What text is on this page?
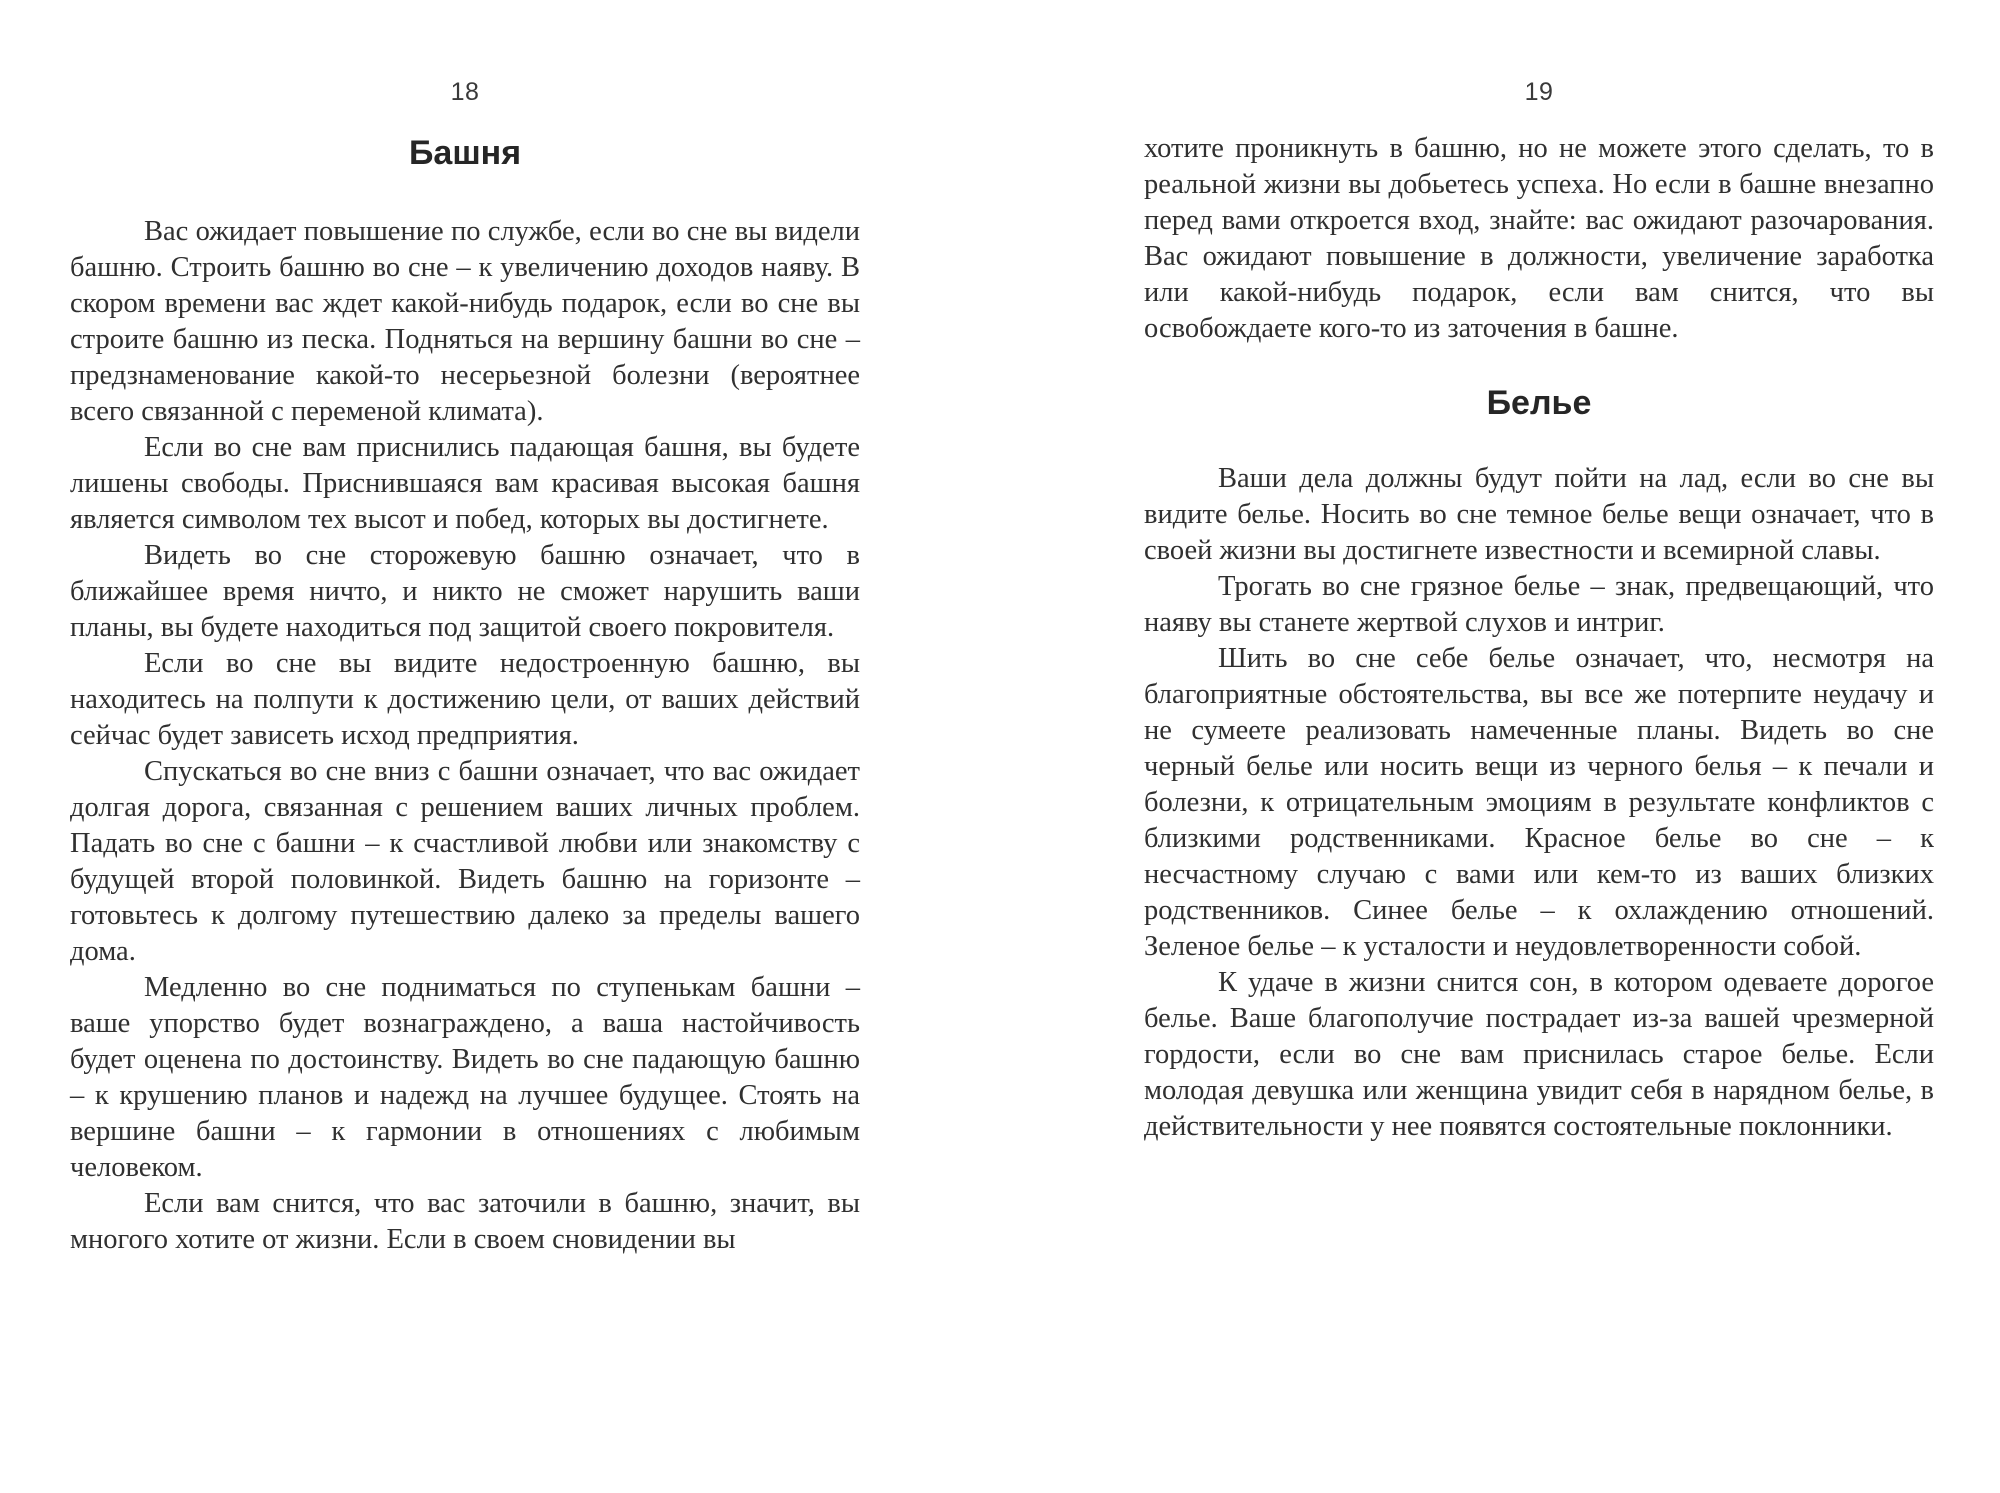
18
Башня

Вас ожидает повышение по службе, если во сне вы видели башню. Строить башню во сне – к увеличению доходов наяву. В скором времени вас ждет какой-нибудь подарок, если во сне вы строите башню из песка. Подняться на вершину башни во сне – предзнаменование какой-то несерьезной болезни (вероятнее всего связанной с переменой климата).

Если во сне вам приснились падающая башня, вы будете лишены свободы. Приснившаяся вам красивая высокая башня является символом тех высот и побед, которых вы достигнете.

Видеть во сне сторожевую башню означает, что в ближайшее время ничто, и никто не сможет нарушить ваши планы, вы будете находиться под защитой своего покровителя.

Если во сне вы видите недостроенную башню, вы находитесь на полпути к достижению цели, от ваших действий сейчас будет зависеть исход предприятия.

Спускаться во сне вниз с башни означает, что вас ожидает долгая дорога, связанная с решением ваших личных проблем. Падать во сне с башни – к счастливой любви или знакомству с будущей второй половинкой. Видеть башню на горизонте – готовьтесь к долгому путешествию далеко за пределы вашего дома.

Медленно во сне подниматься по ступенькам башни – ваше упорство будет вознаграждено, а ваша настойчивость будет оценена по достоинству. Видеть во сне падающую башню – к крушению планов и надежд на лучшее будущее. Стоять на вершине башни – к гармонии в отношениях с любимым человеком.

Если вам снится, что вас заточили в башню, значит, вы многого хотите от жизни. Если в своем сновидении вы

19

хотите проникнуть в башню, но не можете этого сделать, то в реальной жизни вы добьетесь успеха. Но если в башне внезапно перед вами откроется вход, знайте: вас ожидают разочарования. Вас ожидают повышение в должности, увеличение заработка или какой-нибудь подарок, если вам снится, что вы освобождаете кого-то из заточения в башне.

Белье

Ваши дела должны будут пойти на лад, если во сне вы видите белье. Носить во сне темное белье вещи означает, что в своей жизни вы достигнете известности и всемирной славы.

Трогать во сне грязное белье – знак, предвещающий, что наяву вы станете жертвой слухов и интриг.

Шить во сне себе белье означает, что, несмотря на благоприятные обстоятельства, вы все же потерпите неудачу и не сумеете реализовать намеченные планы. Видеть во сне черный белье или носить вещи из черного белья – к печали и болезни, к отрицательным эмоциям в результате конфликтов с близкими родственниками. Красное белье во сне – к несчастному случаю с вами или кем-то из ваших близких родственников. Синее белье – к охлаждению отношений. Зеленое белье – к усталости и неудовлетворенности собой.

К удаче в жизни снится сон, в котором одеваете дорогое белье. Ваше благополучие пострадает из-за вашей чрезмерной гордости, если во сне вам приснилась старое белье. Если молодая девушка или женщина увидит себя в нарядном белье, в действительности у нее появятся состоятельные поклонники.
